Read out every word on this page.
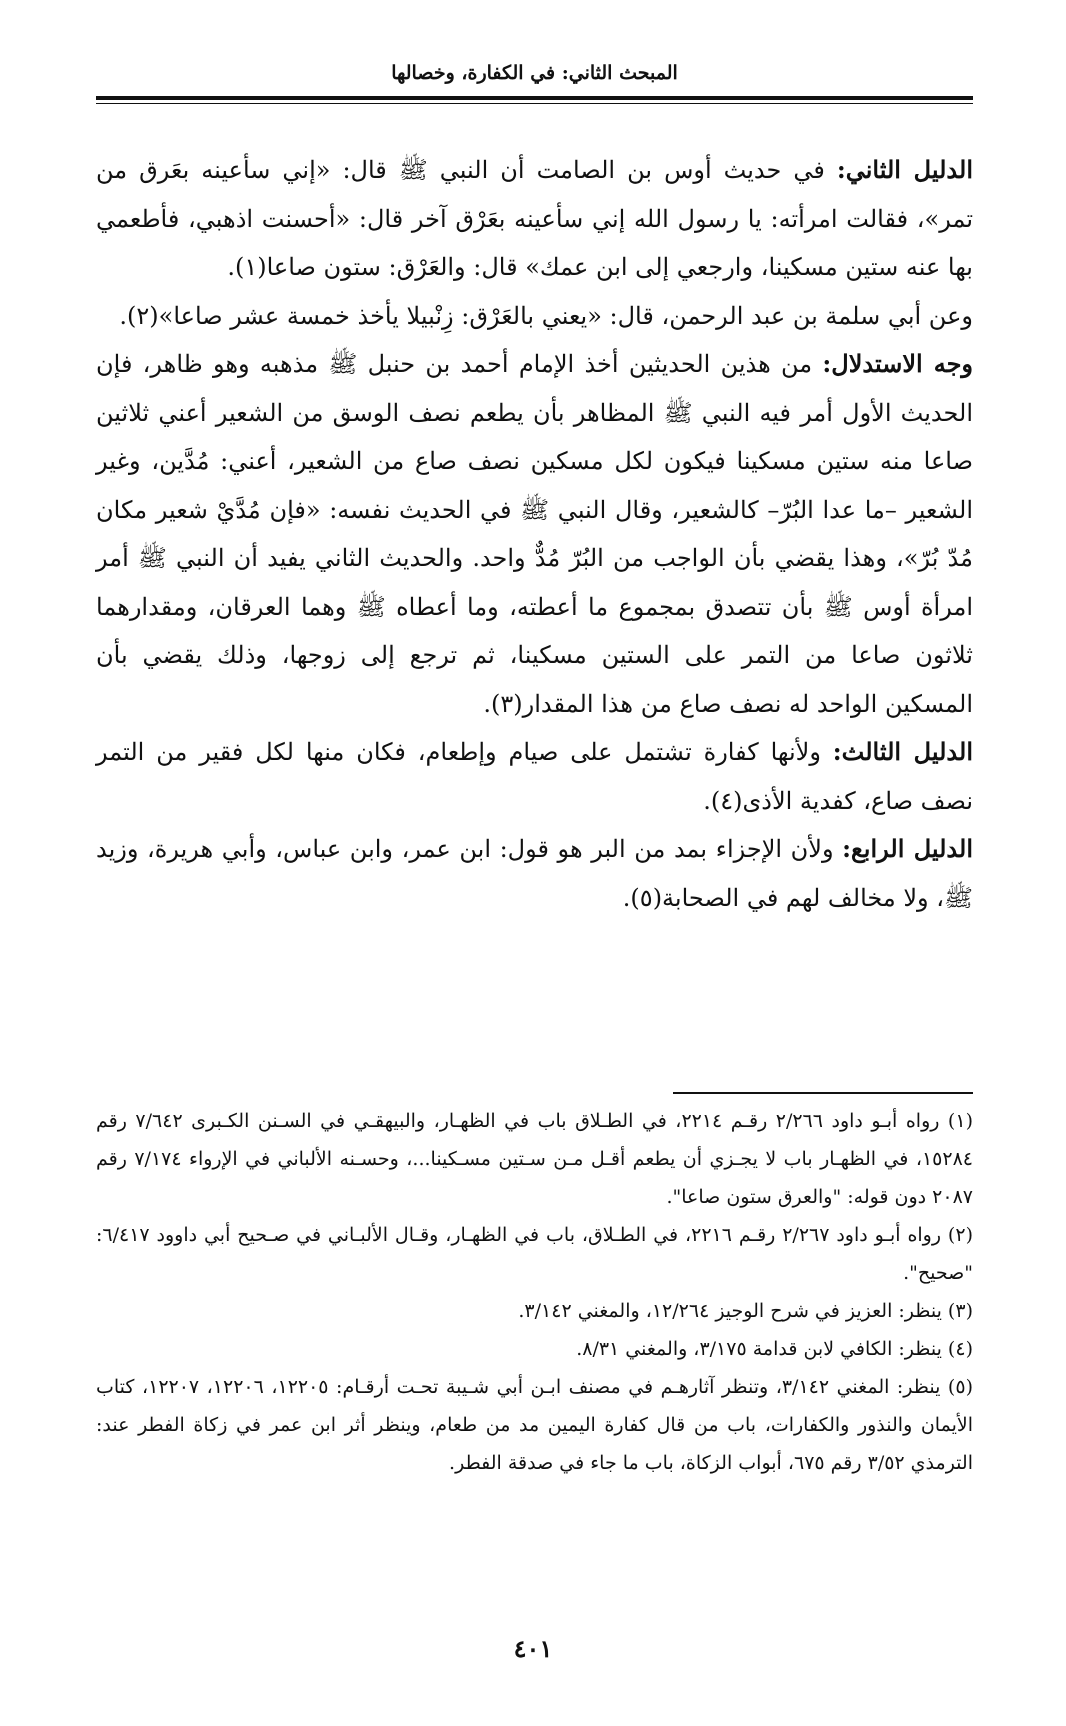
المبحث الثاني: في الكفارة، وخصالها

الدليل الثاني: في حديث أوس بن الصامت أن النبي ﷺ قال: «إني سأعينه بعَرق من تمر»، فقالت امرأته: يا رسول الله إني سأعينه بعَرْق آخر قال: «أحسنت اذهبي، فأطعمي بها عنه ستين مسكينا، وارجعي إلى ابن عمك» قال: والعَرْق: ستون صاعا(١).

وعن أبي سلمة بن عبد الرحمن، قال: «يعني بالعَرْق: زِنْبيلا يأخذ خمسة عشر صاعا»(٢).

وجه الاستدلال: من هذين الحديثين أخذ الإمام أحمد بن حنبل ﷺ مذهبه وهو ظاهر، فإن الحديث الأول أمر فيه النبي ﷺ المظاهر بأن يطعم نصف الوسق من الشعير أعني ثلاثين صاعا منه ستين مسكينا فيكون لكل مسكين نصف صاع من الشعير، أعني: مُدَّين، وغير الشعير –ما عدا البُرّ– كالشعير، وقال النبي ﷺ في الحديث نفسه: «فإن مُدَّيْ شعير مكان مُدّ بُرّ»، وهذا يقضي بأن الواجب من البُرّ مُدٌّ واحد. والحديث الثاني يفيد أن النبي ﷺ أمر امرأة أوس ﷺ بأن تتصدق بمجموع ما أعطته، وما أعطاه ﷺ وهما العرقان، ومقدارهما ثلاثون صاعا من التمر على الستين مسكينا، ثم ترجع إلى زوجها، وذلك يقضي بأن المسكين الواحد له نصف صاع من هذا المقدار(٣).

الدليل الثالث: ولأنها كفارة تشتمل على صيام وإطعام، فكان منها لكل فقير من التمر نصف صاع، كفدية الأذى(٤).

الدليل الرابع: ولأن الإجزاء بمد من البر هو قول: ابن عمر، وابن عباس، وأبي هريرة، وزيد ﷺ، ولا مخالف لهم في الصحابة(٥).

(١) رواه أبـو داود ٢/٢٦٦ رقـم ٢٢١٤، في الطـلاق باب في الظهـار، والبيهقـي في السـنن الكـبرى ٧/٦٤٢ رقم ١٥٢٨٤، في الظهـار باب لا يجـزي أن يطعم أقـل مـن سـتين مسـكينا...، وحسـنه الألباني في الإرواء ٧/١٧٤ رقم ٢٠٨٧ دون قوله: "والعرق ستون صاعا".

(٢) رواه أبـو داود ٢/٢٦٧ رقـم ٢٢١٦، في الطـلاق، باب في الظهـار، وقـال الألبـاني في صـحيح أبي داوود ٦/٤١٧: "صحيح".

(٣) ينظر: العزيز في شرح الوجيز ١٢/٢٦٤، والمغني ٣/١٤٢.

(٤) ينظر: الكافي لابن قدامة ٣/١٧٥، والمغني ٨/٣١.

(٥) ينظر: المغني ٣/١٤٢، وتنظر آثارهـم في مصنف ابـن أبي شـيبة تحـت أرقـام: ١٢٢٠٥، ١٢٢٠٦، ١٢٢٠٧، كتاب الأيمان والنذور والكفارات، باب من قال كفارة اليمين مد من طعام، وينظر أثر ابن عمر في زكاة الفطر عند: الترمذي ٣/٥٢ رقم ٦٧٥، أبواب الزكاة، باب ما جاء في صدقة الفطر.

٤٠١
